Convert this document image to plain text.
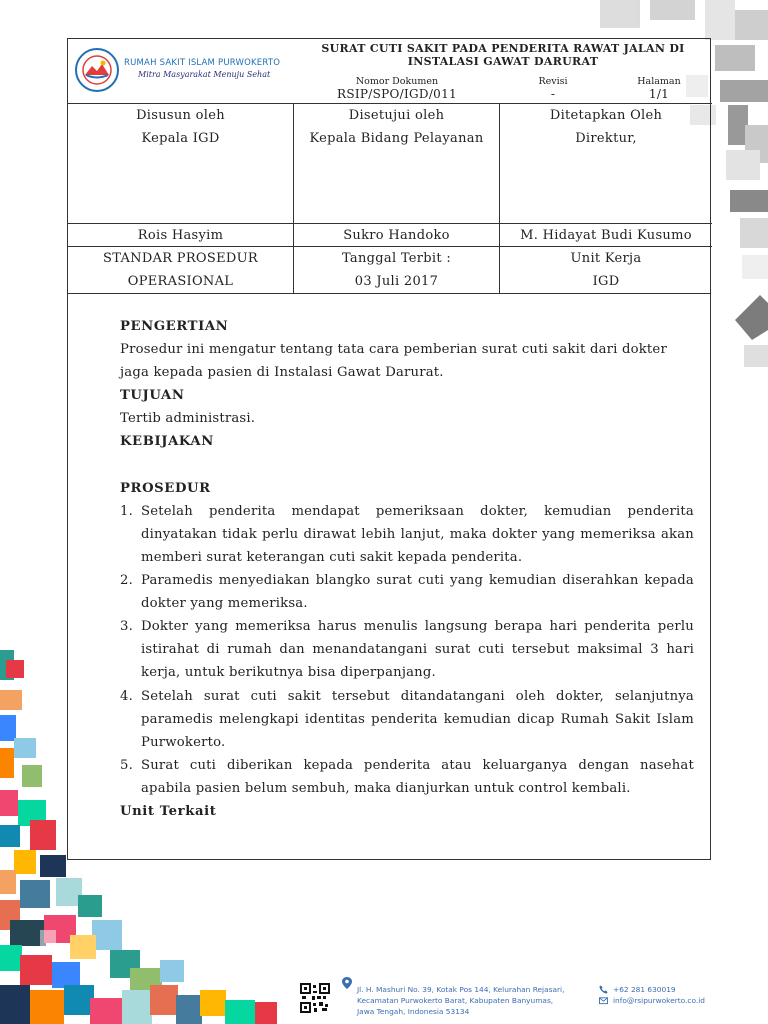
RUMAH SAKIT ISLAM PURWOKERTO
Mitra Masyarakat Menuju Sehat
SURAT CUTI SAKIT PADA PENDERITA RAWAT JALAN DI
INSTALASI GAWAT DARURAT
Nomor Dokumen
RSIP/SPO/IGD/011
Revisi
-
Halaman
1/1
Disusun oleh
Kepala IGD
Disetujui oleh
Kepala Bidang Pelayanan
Ditetapkan Oleh
Direktur,
Rois Hasyim	Sukro Handoko	M. Hidayat Budi Kusumo
STANDAR PROSEDUR
OPERASIONAL
Tanggal Terbit :
03 Juli 2017
Unit Kerja
IGD

PENGERTIAN

Prosedur ini mengatur tentang tata cara pemberian surat cuti sakit dari dokter

jaga kepada pasien di Instalasi Gawat Darurat.

TUJUAN

Tertib administrasi.

KEBIJAKAN

PROSEDUR

1. Setelah penderita mendapat pemeriksaan dokter, kemudian penderita dinyatakan tidak perlu dirawat lebih lanjut, maka dokter yang memeriksa akan memberi surat keterangan cuti sakit kepada penderita.
2. Paramedis menyediakan blangko surat cuti yang kemudian diserahkan kepada dokter yang memeriksa.
3. Dokter yang memeriksa harus menulis langsung berapa hari penderita perlu istirahat di rumah dan menandatangani surat cuti tersebut maksimal 3 hari kerja, untuk berikutnya bisa diperpanjang.
4. Setelah surat cuti sakit tersebut ditandatangani oleh dokter, selanjutnya paramedis melengkapi identitas penderita kemudian dicap Rumah Sakit Islam Purwokerto.
5. Surat cuti diberikan kepada penderita atau keluarganya dengan nasehat apabila pasien belum sembuh, maka dianjurkan untuk control kembali.

Unit Terkait

Jl. H. Mashuri No. 39, Kotak Pos 144, Kelurahan Rejasari,
Kecamatan Purwokerto Barat, Kabupaten Banyumas,
Jawa Tengah, Indonesia 53134
+62 281 630019
info@rsipurwokerto.co.id
